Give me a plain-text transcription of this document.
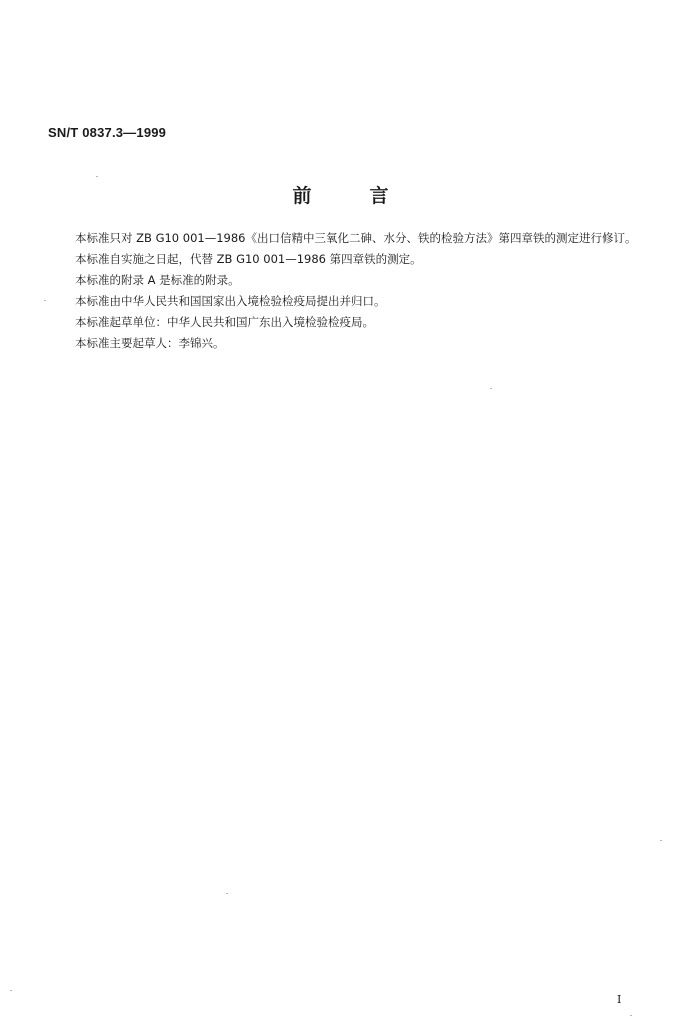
SN/T 0837.3—1999
前言

本标准只对 ZB G10 001—1986《出口信精中三氧化二砷、水分、铁的检验方法》第四章铁的测定进行修订。

本标准自实施之日起，代替 ZB G10 001—1986 第四章铁的测定。

本标准的附录 A 是标准的附录。

本标准由中华人民共和国国家出入境检验检疫局提出并归口。

本标准起草单位：中华人民共和国广东出入境检验检疫局。

本标准主要起草人：李锦兴。

I
